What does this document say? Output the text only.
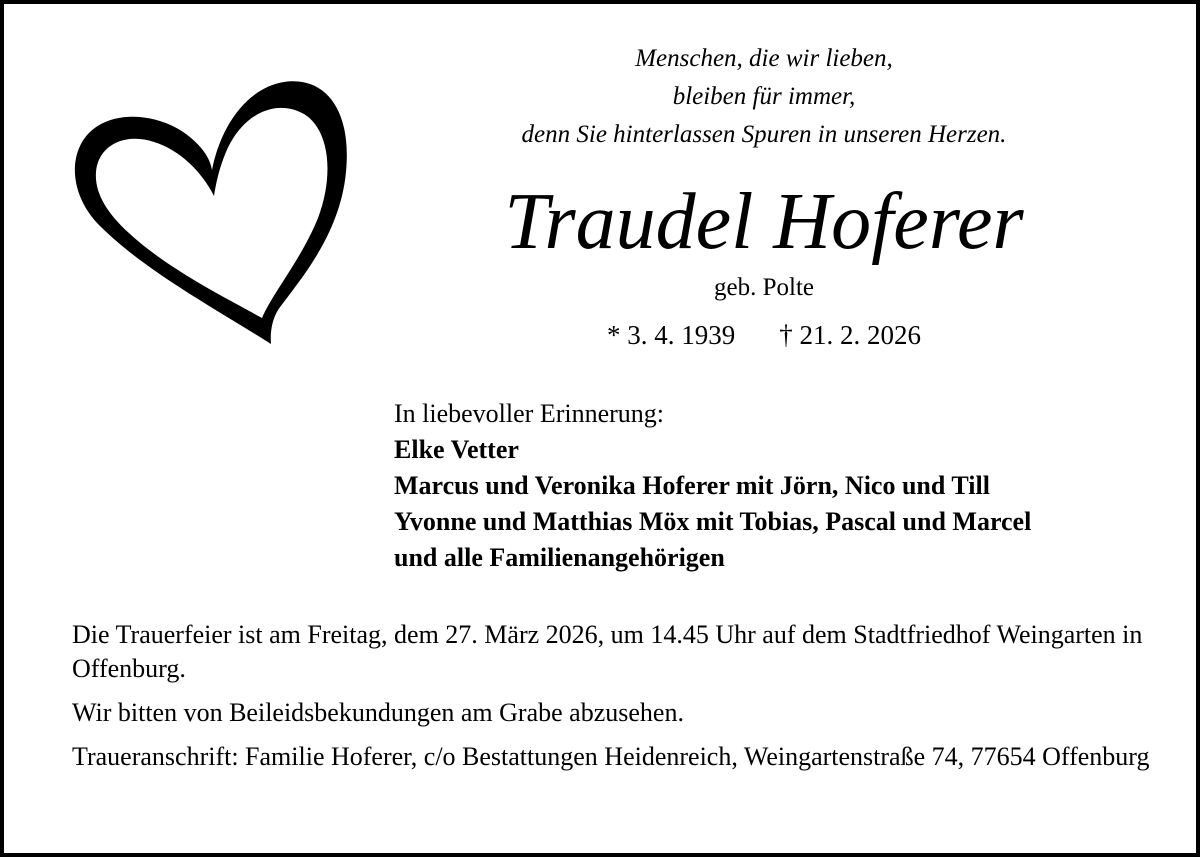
Menschen, die wir lieben,
bleiben für immer,
denn Sie hinterlassen Spuren in unseren Herzen.
Traudel Hoferer
geb. Polte
* 3. 4. 1939 † 21. 2. 2026
In liebevoller Erinnerung:
Elke Vetter
Marcus und Veronika Hoferer mit Jörn, Nico und Till
Yvonne und Matthias Möx mit Tobias, Pascal und Marcel
und alle Familienangehörigen

Die Trauerfeier ist am Freitag, dem 27. März 2026, um 14.45 Uhr auf dem Stadtfriedhof Weingarten in Offenburg.

Wir bitten von Beileidsbekundungen am Grabe abzusehen.

Traueranschrift: Familie Hoferer, c/o Bestattungen Heidenreich, Weingartenstraße 74, 77654 Offenburg
